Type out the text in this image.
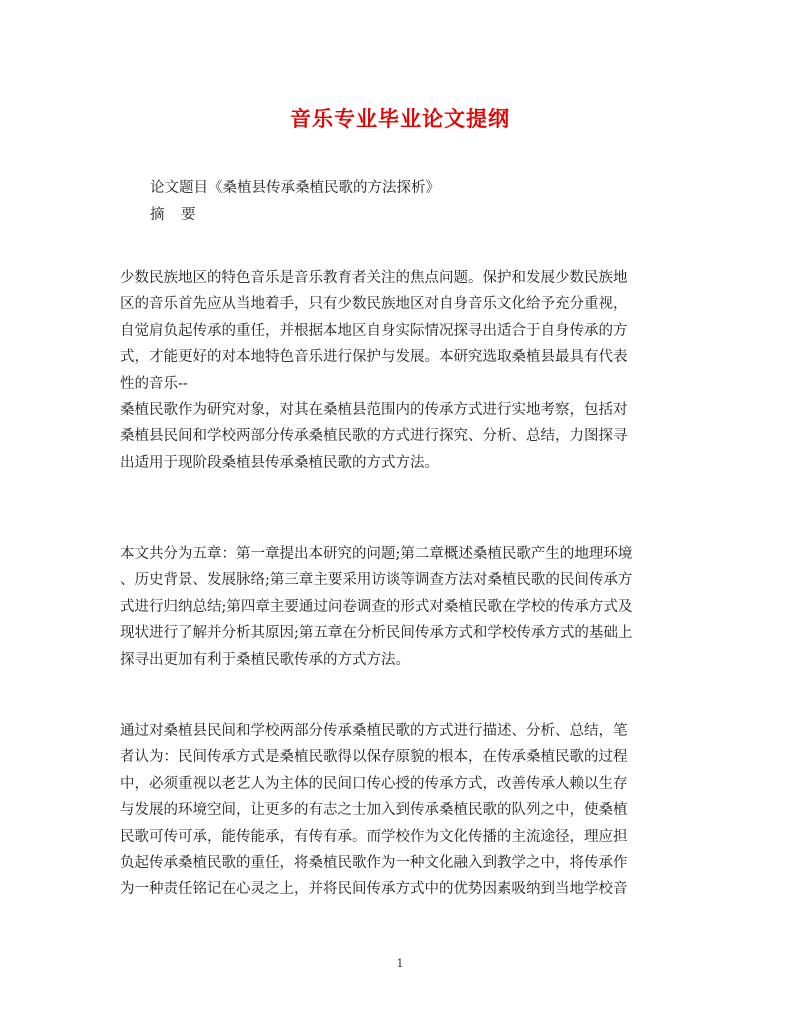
音乐专业毕业论文提纲
论文题目《桑植县传承桑植民歌的方法探析》
摘 要
少数民族地区的特色音乐是音乐教育者关注的焦点问题。保护和发展少数民族地
区的音乐首先应从当地着手，只有少数民族地区对自身音乐文化给予充分重视，
自觉肩负起传承的重任，并根据本地区自身实际情况探寻出适合于自身传承的方
式，才能更好的对本地特色音乐进行保护与发展。本研究选取桑植县最具有代表
性的音乐--
桑植民歌作为研究对象，对其在桑植县范围内的传承方式进行实地考察，包括对
桑植县民间和学校两部分传承桑植民歌的方式进行探究、分析、总结，力图探寻
出适用于现阶段桑植县传承桑植民歌的方式方法。
本文共分为五章：第一章提出本研究的问题;第二章概述桑植民歌产生的地理环境
、历史背景、发展脉络;第三章主要采用访谈等调查方法对桑植民歌的民间传承方
式进行归纳总结;第四章主要通过问卷调查的形式对桑植民歌在学校的传承方式及
现状进行了解并分析其原因;第五章在分析民间传承方式和学校传承方式的基础上
探寻出更加有利于桑植民歌传承的方式方法。
通过对桑植县民间和学校两部分传承桑植民歌的方式进行描述、分析、总结，笔
者认为：民间传承方式是桑植民歌得以保存原貌的根本，在传承桑植民歌的过程
中，必须重视以老艺人为主体的民间口传心授的传承方式，改善传承人赖以生存
与发展的环境空间，让更多的有志之士加入到传承桑植民歌的队列之中，使桑植
民歌可传可承，能传能承，有传有承。而学校作为文化传播的主流途径，理应担
负起传承桑植民歌的重任，将桑植民歌作为一种文化融入到教学之中，将传承作
为一种责任铭记在心灵之上，并将民间传承方式中的优势因素吸纳到当地学校音
1
